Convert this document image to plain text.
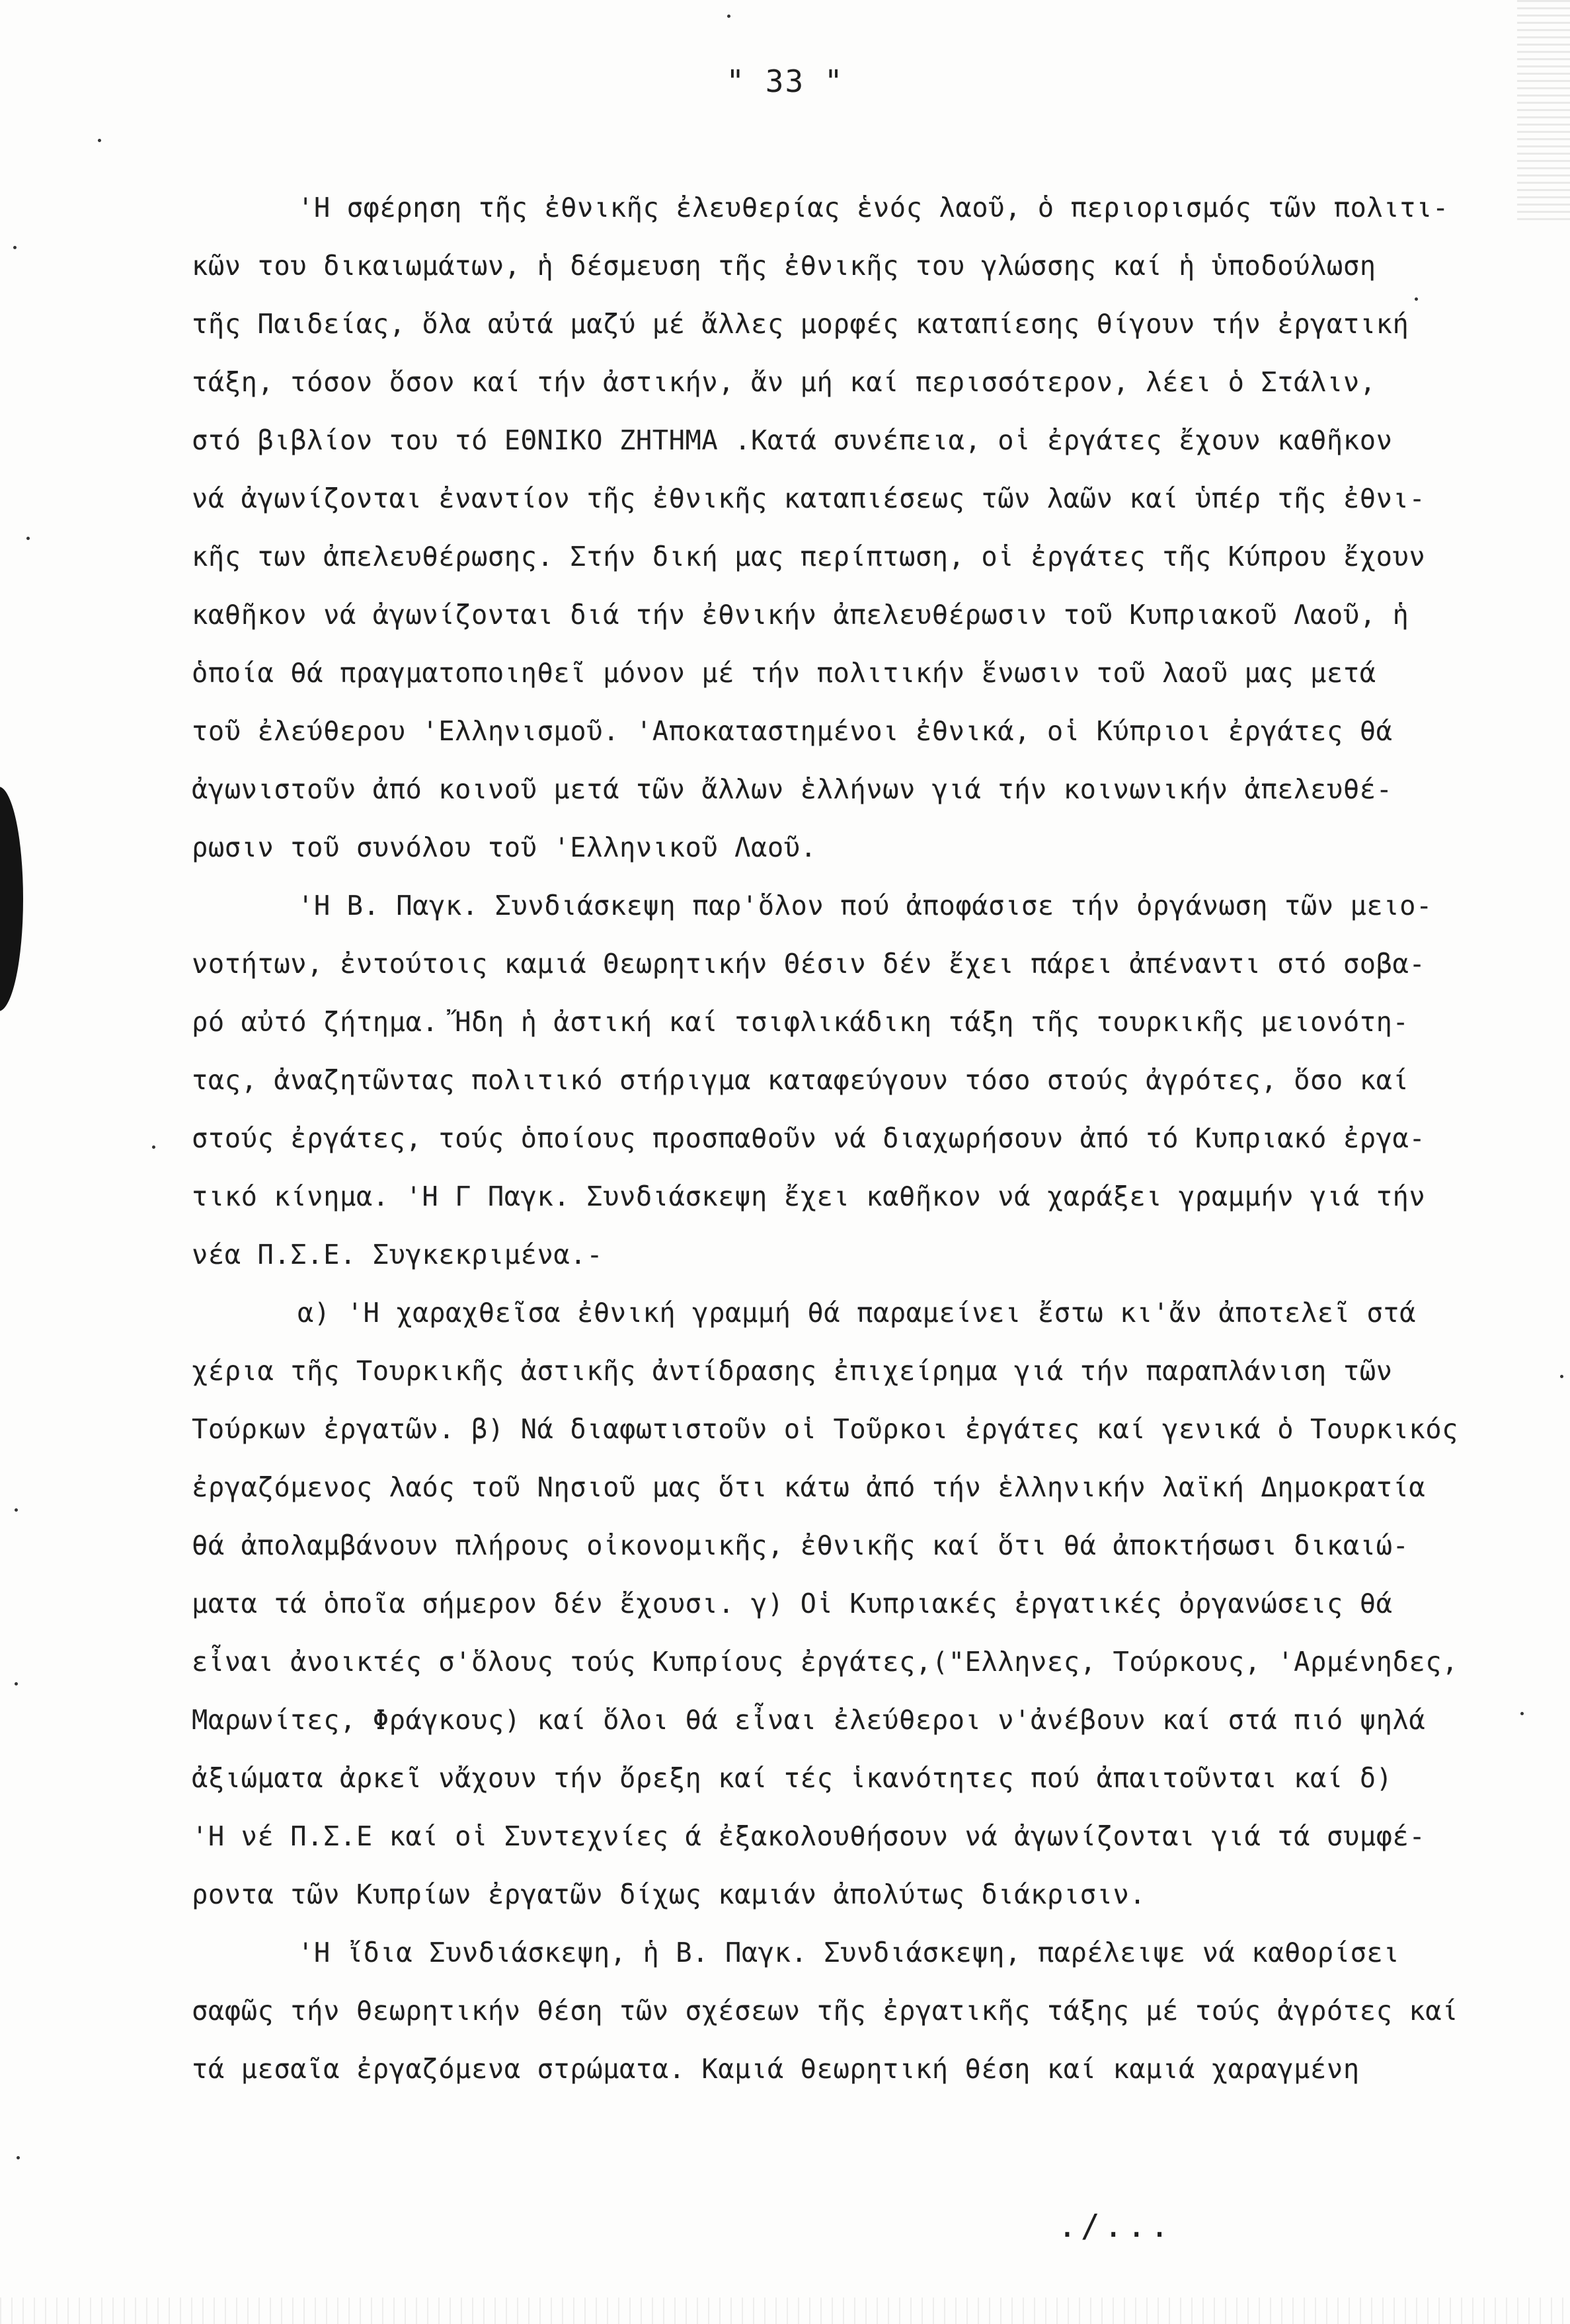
" 33 "
'Η σφέρηση τῆς ἐθνικῆς ἐλευθερίας ἑνός λαοῦ, ὁ περιορισμός τῶν πολιτι-
κῶν του δικαιωμάτων, ἡ δέσμευση τῆς ἐθνικῆς του γλώσσης καί ἡ ὑποδούλωση
τῆς Παιδείας, ὅλα αὐτά μαζύ μέ ἄλλες μορφές καταπίεσης θίγουν τήν ἐργατική
τάξη, τόσον ὅσον καί τήν ἀστικήν, ἄν μή καί περισσότερον, λέει ὁ Στάλιν,
στό βιβλίον του τό ΕΘΝΙΚΟ ΖΗΤΗΜΑ .Κατά συνέπεια, οἱ ἐργάτες ἔχουν καθῆκον
νά ἀγωνίζονται ἐναντίον τῆς ἐθνικῆς καταπιέσεως τῶν λαῶν καί ὑπέρ τῆς ἐθνι-
κῆς των ἀπελευθέρωσης. Στήν δική μας περίπτωση, οἱ ἐργάτες τῆς Κύπρου ἔχουν
καθῆκον νά ἀγωνίζονται διά τήν ἐθνικήν ἀπελευθέρωσιν τοῦ Κυπριακοῦ Λαοῦ, ἡ
ὁποία θά πραγματοποιηθεῖ μόνον μέ τήν πολιτικήν ἕνωσιν τοῦ λαοῦ μας μετά
τοῦ ἐλεύθερου 'Ελληνισμοῦ. 'Αποκαταστημένοι ἐθνικά, οἱ Κύπριοι ἐργάτες θά
ἀγωνιστοῦν ἀπό κοινοῦ μετά τῶν ἄλλων ἑλλήνων γιά τήν κοινωνικήν ἀπελευθέ-
ρωσιν τοῦ συνόλου τοῦ 'Ελληνικοῦ Λαοῦ.
'Η Β. Παγκ. Συνδιάσκεψη παρ'ὅλον πού ἀποφάσισε τήν ὀργάνωση τῶν μειο-
νοτήτων, ἐντούτοις καμιά Θεωρητικήν Θέσιν δέν ἔχει πάρει ἀπέναντι στό σοβα-
ρό αὐτό ζήτημα. Ἤδη ἡ ἀστική καί τσιφλικάδικη τάξη τῆς τουρκικῆς μειονότη-
τας, ἀναζητῶντας πολιτικό στήριγμα καταφεύγουν τόσο στούς ἀγρότες, ὅσο καί
στούς ἐργάτες, τούς ὁποίους προσπαθοῦν νά διαχωρήσουν ἀπό τό Κυπριακό ἐργα-
τικό κίνημα. 'Η Γ Παγκ. Συνδιάσκεψη ἔχει καθῆκον νά χαράξει γραμμήν γιά τήν
νέα Π.Σ.Ε. Συγκεκριμένα.-
α) 'Η χαραχθεῖσα ἐθνική γραμμή θά παραμείνει ἔστω κι'ἄν ἀποτελεῖ στά
χέρια τῆς Τουρκικῆς ἀστικῆς ἀντίδρασης ἐπιχείρημα γιά τήν παραπλάνιση τῶν
Τούρκων ἐργατῶν. β) Νά διαφωτιστοῦν οἱ Τοῦρκοι ἐργάτες καί γενικά ὁ Τουρκικός
ἐργαζόμενος λαός τοῦ Νησιοῦ μας ὅτι κάτω ἀπό τήν ἑλληνικήν λαϊκή Δημοκρατία
θά ἀπολαμβάνουν πλήρους οἰκονομικῆς, ἐθνικῆς καί ὅτι θά ἀποκτήσωσι δικαιώ-
ματα τά ὁποῖα σήμερον δέν ἔχουσι. γ) Οἱ Κυπριακές ἐργατικές ὀργανώσεις θά
εἶναι ἀνοικτές σ'ὅλους τούς Κυπρίους ἐργάτες,("Ελληνες, Τούρκους, 'Αρμένηδες,
Μαρωνίτες, Φράγκους) καί ὅλοι θά εἶναι ἐλεύθεροι ν'ἀνέβουν καί στά πιό ψηλά
ἀξιώματα ἀρκεῖ νἄχουν τήν ὄρεξη καί τές ἱκανότητες πού ἀπαιτοῦνται καί δ)
'Η νέ Π.Σ.Ε καί οἱ Συντεχνίες ά ἐξακολουθήσουν νά ἀγωνίζονται γιά τά συμφέ-
ροντα τῶν Κυπρίων ἐργατῶν δίχως καμιάν ἀπολύτως διάκρισιν.
'Η ἴδια Συνδιάσκεψη, ἡ Β. Παγκ. Συνδιάσκεψη, παρέλειψε νά καθορίσει
σαφῶς τήν θεωρητικήν θέση τῶν σχέσεων τῆς ἐργατικῆς τάξης μέ τούς ἀγρότες καί
τά μεσαῖα ἐργαζόμενα στρώματα. Καμιά θεωρητική θέση καί καμιά χαραγμένη
./...
